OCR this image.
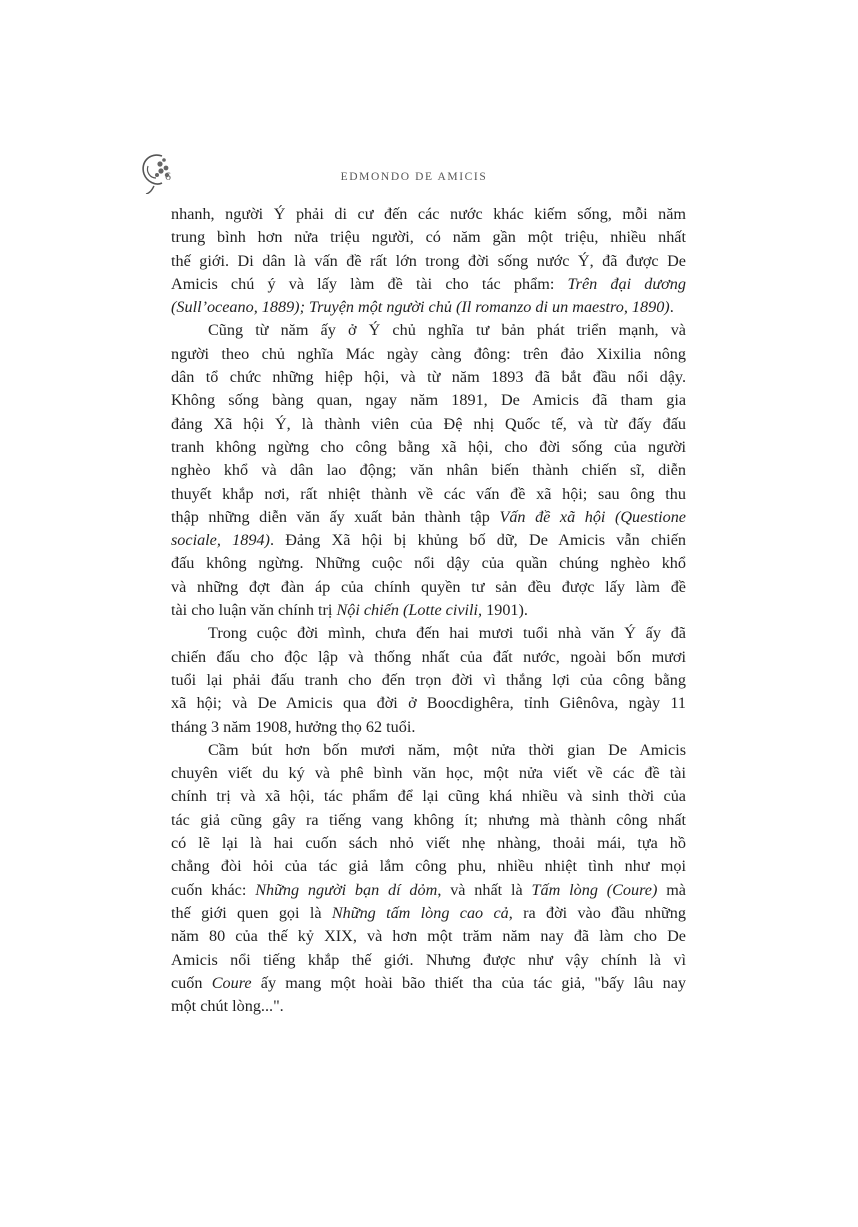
6	EDMONDO DE AMICIS
nhanh, người Ý phải di cư đến các nước khác kiếm sống, mỗi năm
trung bình hơn nửa triệu người, có năm gần một triệu, nhiều nhất
thế giới. Di dân là vấn đề rất lớn trong đời sống nước Ý, đã được De
Amicis chú ý và lấy làm đề tài cho tác phẩm: Trên đại dương
(Sull’oceano, 1889); Truyện một người chủ (Il romanzo di un maestro, 1890).
Cũng từ năm ấy ở Ý chủ nghĩa tư bản phát triển mạnh, và
người theo chủ nghĩa Mác ngày càng đông: trên đảo Xixilia nông
dân tổ chức những hiệp hội, và từ năm 1893 đã bắt đầu nổi dậy.
Không sống bàng quan, ngay năm 1891, De Amicis đã tham gia
đảng Xã hội Ý, là thành viên của Đệ nhị Quốc tế, và từ đấy đấu
tranh không ngừng cho công bằng xã hội, cho đời sống của người
nghèo khổ và dân lao động; văn nhân biến thành chiến sĩ, diễn
thuyết khắp nơi, rất nhiệt thành về các vấn đề xã hội; sau ông thu
thập những diễn văn ấy xuất bản thành tập Vấn đề xã hội (Questione
sociale, 1894). Đảng Xã hội bị khủng bố dữ, De Amicis vẫn chiến
đấu không ngừng. Những cuộc nổi dậy của quần chúng nghèo khổ
và những đợt đàn áp của chính quyền tư sản đều được lấy làm đề
tài cho luận văn chính trị Nội chiến (Lotte civili, 1901).
Trong cuộc đời mình, chưa đến hai mươi tuổi nhà văn Ý ấy đã
chiến đấu cho độc lập và thống nhất của đất nước, ngoài bốn mươi
tuổi lại phải đấu tranh cho đến trọn đời vì thắng lợi của công bằng
xã hội; và De Amicis qua đời ở Boocdighêra, tỉnh Giênôva, ngày 11
tháng 3 năm 1908, hưởng thọ 62 tuổi.
Cầm bút hơn bốn mươi năm, một nửa thời gian De Amicis
chuyên viết du ký và phê bình văn học, một nửa viết về các đề tài
chính trị và xã hội, tác phẩm để lại cũng khá nhiều và sinh thời của
tác giả cũng gây ra tiếng vang không ít; nhưng mà thành công nhất
có lẽ lại là hai cuốn sách nhỏ viết nhẹ nhàng, thoải mái, tựa hồ
chẳng đòi hỏi của tác giả lắm công phu, nhiều nhiệt tình như mọi
cuốn khác: Những người bạn dí dỏm, và nhất là Tấm lòng (Coure) mà
thế giới quen gọi là Những tấm lòng cao cả, ra đời vào đầu những
năm 80 của thế kỷ XIX, và hơn một trăm năm nay đã làm cho De
Amicis nổi tiếng khắp thế giới. Nhưng được như vậy chính là vì
cuốn Coure ấy mang một hoài bão thiết tha của tác giả, "bấy lâu nay
một chút lòng...".
